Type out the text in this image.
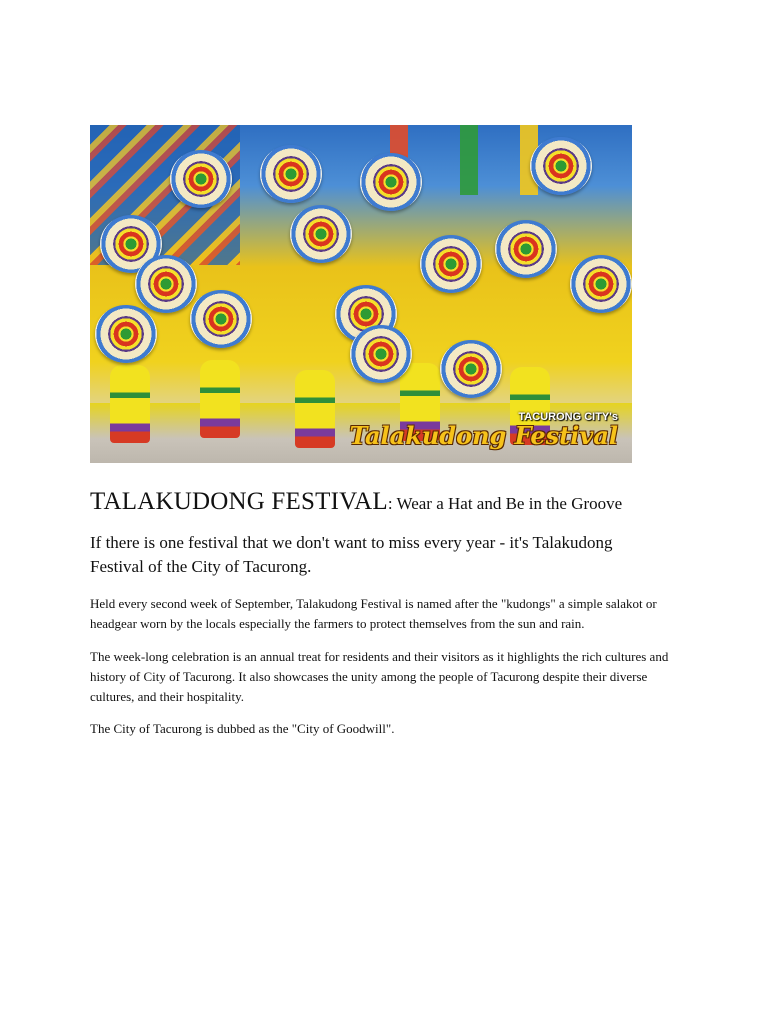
TACURONG CITY's
Talakudong Festival
TALAKUDONG FESTIVAL: Wear a Hat and Be in the Groove

If there is one festival that we don't want to miss every year - it's Talakudong Festival of the City of Tacurong.

Held every second week of September, Talakudong Festival is named after the "kudongs" a simple salakot or headgear worn by the locals especially the farmers to protect themselves from the sun and rain.

The week-long celebration is an annual treat for residents and their visitors as it highlights the rich cultures and history of City of Tacurong. It also showcases the unity among the people of Tacurong despite their diverse cultures, and their hospitality.

The City of Tacurong is dubbed as the "City of Goodwill".
